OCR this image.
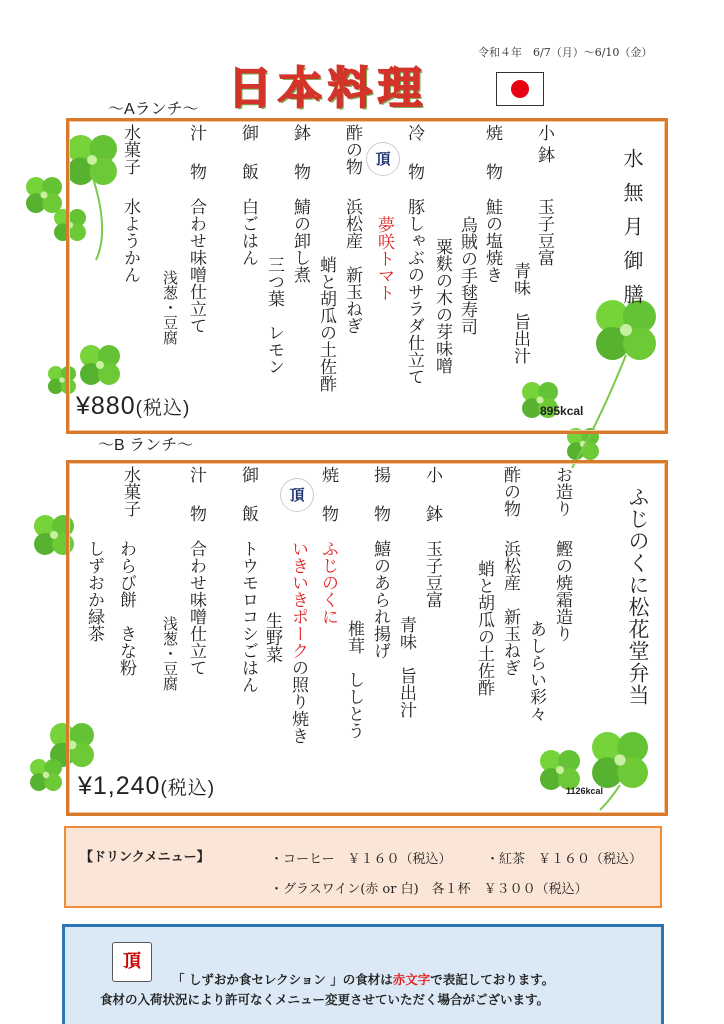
令和４年　6/7（月）～6/10（金）
日本料理
～Aランチ～
水無月御膳
小鉢
玉子豆富
青味　旨出汁
焼物
鮭の塩焼き
烏賊の手毬寿司
粟麩の木の芽味噌
冷物
豚しゃぶのサラダ仕立て
頂
夢咲トマト
酢の物
浜松産　新玉ねぎ
蛸と胡瓜の土佐酢
鉢物
鯖の卸し煮
三つ葉　レモン
御飯
白ごはん
汁物
合わせ味噌仕立て
浅葱・豆腐
水菓子
水ようかん
¥880(税込)	895kcal
～B ランチ～
ふじのくに松花堂弁当
お造り
鰹の焼霜造り
あしらい彩々
酢の物
浜松産　新玉ねぎ
蛸と胡瓜の土佐酢
小鉢
玉子豆富
青味　旨出汁
揚物
鱚のあられ揚げ
椎茸　ししとう
焼物
ふじのくに
いきいきポークの照り焼き
頂
御飯
トウモロコシごはん 生野菜
汁物
合わせ味噌仕立て
浅葱・豆腐
水菓子
わらび餅　きな粉
しずおか緑茶
¥1,240(税込)	1126kcal
【ドリンクメニュー】	・コーヒー　￥１６０（税込）	・紅茶　￥１６０（税込）
・グラスワイン(赤 or 白)　各１杯　￥３００（税込）
頂
「 しずおか食セレクション 」の食材は赤文字で表記しております。
食材の入荷状況により許可なくメニュー変更させていただく場合がございます。
